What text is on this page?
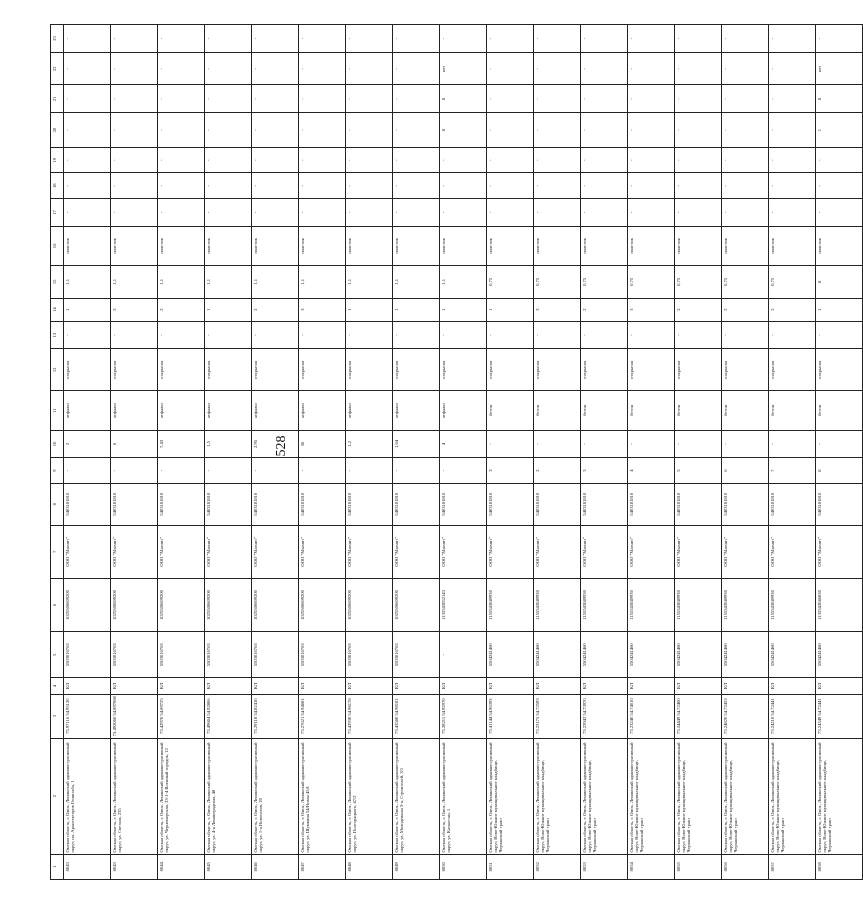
528
1	2	3	4	5	6	7	8	9	10	11	12	13	14	15	16	17	18	19	20	21	22	23
8043	Омская область, г. Омск, Ленинский административный округ, пл. Архитекторов Генштаба, 1	73.97116 54.95120	КЛ	5503016763	1025500609200	ООО "Магнит"	5403181810	-	2	асфальт	открытая	-	1	1,1	пластик	-	-	-	-	-	-	-
8043	Омская область, г. Омск, Ленинский административный округ, ул. Светлая, 235	73.492060 54.897080	КЛ	5503016763	1025500609200	ООО "Магнит"	5403181810	-	6	асфальт	открытая	-	3	1,1	пластик	-	-	-	-	-	-	-
8044	Омская область, г. Омск, Ленинский административный округ, ул. Черноморская, 33-1-4 Военный городок, 12	73.42970 54.89725	КЛ	5503016763	1025500609200	ООО "Магнит"	5403181810	-	7,43	асфальт	открытая	-	2	1,1	пластик	-	-	-	-	-	-	-
8045	Омская область, г. Омск, Ленинский административный округ, ул. 4-я Ленинградская, 48	73.49604 54.92806	КЛ	5503016763	1025500609200	ООО "Магнит"	5403181810	-	1,5	асфальт	открытая	-	1	1,1	пластик	-	-	-	-	-	-	-
8046	Омская область, г. Омск, Ленинский административный округ, ул. 1-я Новоселов, 20	73.29118 54.82410	КЛ	5503016763	1025500609200	ООО "Магнит"	5403181810	-	2,95	асфальт	открытая	-	2	1,1	пластик	-	-	-	-	-	-	-
8047	Омская область, г. Омск, Ленинский административный округ, ул. Шумкина 54/Новая 45А	73.27621 54.94681	КЛ	5503016763	1025500609200	ООО "Магнит"	5403181810	-	36	асфальт	открытая	-	3	1,1	пластик	-	-	-	-	-	-	-
8048	Омская область, г. Омск, Ленинский административный округ, ул. Полторацкого, 47/2	73.42930 54.98178	КЛ	5503016763	1025500609200	ООО "Магнит"	5403181810	-	1,2	асфальт	открытая	-	1	1,1	пластик	-	-	-	-	-	-	-
8049	Омская область, г. Омск, Ленинский административный округ, ул. Молодежная 3-я, Строителей, 3/1	73.43580 54.98181	КЛ	5503016763	1025500609200	ООО "Магнит"	5403181810	-	1,64	асфальт	открытая	-	1	1,1	пластик	-	-	-	-	-	-	-
8050	Омская область, г. Омск, Ленинский административный округ, ул. Казахстан, 1	73.28211 54.92970	КЛ	-	1135543052143	ООО "Магнит"	5403181810	-	4	асфальт	открытая	-	1	1,1	пластик	-	-	-	8	8	нет	-
8051	Омская область, г. Омск, Ленинский административный округ, Ново-Южное муниципальное кладбище, Черлакский тракт	73.41144 54.96393	КЛ	5504241460	1155543049930	ООО "Магнит"	5403181810	3	-	бетон	открытая	-	1	0,75	пластик	-	-	-	-	-	-	-
8052	Омская область, г. Омск, Ленинский административный округ, Ново-Южное муниципальное кладбище, Черлакский тракт	73.23175 54.72593	КЛ	5504241460	1155543049930	ООО "Магнит"	5403181810	2	-	бетон	открытая	-	3	0,75	пластик	-	-	-	-	-	-	-
8053	Омская область, г. Омск, Ленинский административный округ, Ново-Южное муниципальное кладбище, Черлакский тракт	73.23942 54.73970	КЛ	5504241460	1155543049930	ООО "Магнит"	5403181810	3	-	бетон	открытая	-	2	0,75	пластик	-	-	-	-	-	-	-
8054	Омская область, г. Омск, Ленинский административный округ, Ново-Южное муниципальное кладбище, Черлакский тракт	73.23240 54.74010	КЛ	5504241460	1155543049930	ООО "Магнит"	5403181810	4	-	бетон	открытая	-	3	0,75	пластик	-	-	-	-	-	-	-
8055	Омская область, г. Омск, Ленинский административный округ, Ново-Южное муниципальное кладбище, Черлакский тракт	73.24449 54.72400	КЛ	5504241460	1155543049930	ООО "Магнит"	5403181810	5	-	бетон	открытая	-	2	0,75	пластик	-	-	-	-	-	-	-
8056	Омская область, г. Омск, Ленинский административный округ, Ново-Южное муниципальное кладбище, Черлакский тракт	73.24820 54.72453	КЛ	5504241460	1155543049930	ООО "Магнит"	5403181810	6	-	бетон	открытая	-	2	0,75	пластик	-	-	-	-	-	-	-
8057	Омская область, г. Омск, Ленинский административный округ, Ново-Южное муниципальное кладбище, Черлакский тракт	73.24210 54.72441	КЛ	5504241460	1155543049930	ООО "Магнит"	5403181810	7	-	бетон	открытая	-	2	0,75	пластик	-	-	-	-	-	-	-
8058	Омская область, г. Омск, Ленинский административный округ, Ново-Южное муниципальное кладбище, Черлакский тракт	73.24349 54.72441	КЛ	5504241460	1135543046830	ООО "Магнит"	5403181810	8	-	бетон	открытая	-	1	8	пластик	-	-	-	1	8	нет	-
